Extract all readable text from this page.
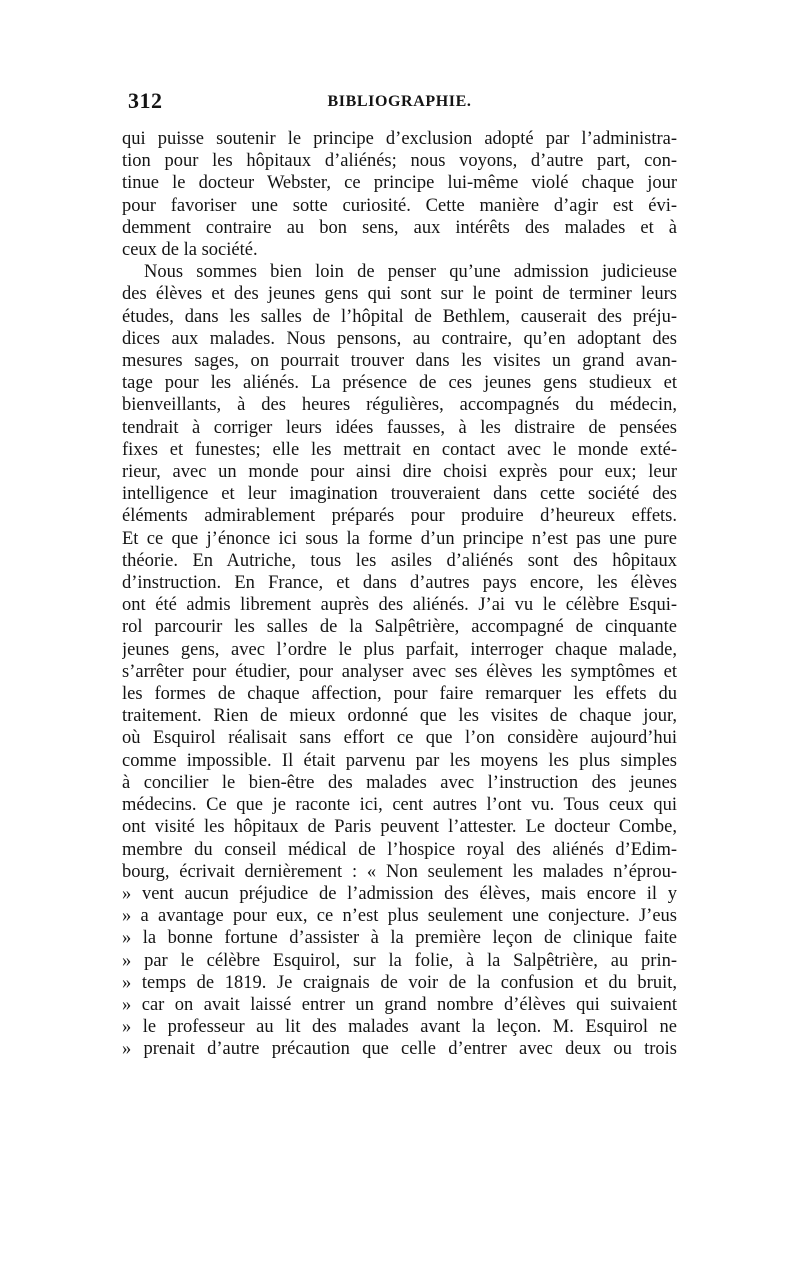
312	BIBLIOGRAPHIE.

qui puisse soutenir le principe d’exclusion adopté par l’administra-
tion pour les hôpitaux d’aliénés; nous voyons, d’autre part, con-
tinue le docteur Webster, ce principe lui-même violé chaque jour
pour favoriser une sotte curiosité. Cette manière d’agir est évi-
demment contraire au bon sens, aux intérêts des malades et à
ceux de la société.

Nous sommes bien loin de penser qu’une admission judicieuse
des élèves et des jeunes gens qui sont sur le point de terminer leurs
études, dans les salles de l’hôpital de Bethlem, causerait des préju-
dices aux malades. Nous pensons, au contraire, qu’en adoptant des
mesures sages, on pourrait trouver dans les visites un grand avan-
tage pour les aliénés. La présence de ces jeunes gens studieux et
bienveillants, à des heures régulières, accompagnés du médecin,
tendrait à corriger leurs idées fausses, à les distraire de pensées
fixes et funestes; elle les mettrait en contact avec le monde exté-
rieur, avec un monde pour ainsi dire choisi exprès pour eux; leur
intelligence et leur imagination trouveraient dans cette société des
éléments admirablement préparés pour produire d’heureux effets.
Et ce que j’énonce ici sous la forme d’un principe n’est pas une pure
théorie. En Autriche, tous les asiles d’aliénés sont des hôpitaux
d’instruction. En France, et dans d’autres pays encore, les élèves
ont été admis librement auprès des aliénés. J’ai vu le célèbre Esqui-
rol parcourir les salles de la Salpêtrière, accompagné de cinquante
jeunes gens, avec l’ordre le plus parfait, interroger chaque malade,
s’arrêter pour étudier, pour analyser avec ses élèves les symptômes et
les formes de chaque affection, pour faire remarquer les effets du
traitement. Rien de mieux ordonné que les visites de chaque jour,
où Esquirol réalisait sans effort ce que l’on considère aujourd’hui
comme impossible. Il était parvenu par les moyens les plus simples
à concilier le bien-être des malades avec l’instruction des jeunes
médecins. Ce que je raconte ici, cent autres l’ont vu. Tous ceux qui
ont visité les hôpitaux de Paris peuvent l’attester. Le docteur Combe,
membre du conseil médical de l’hospice royal des aliénés d’Edim-
bourg, écrivait dernièrement : « Non seulement les malades n’éprou-
» vent aucun préjudice de l’admission des élèves, mais encore il y
» a avantage pour eux, ce n’est plus seulement une conjecture. J’eus
» la bonne fortune d’assister à la première leçon de clinique faite
» par le célèbre Esquirol, sur la folie, à la Salpêtrière, au prin-
» temps de 1819. Je craignais de voir de la confusion et du bruit,
» car on avait laissé entrer un grand nombre d’élèves qui suivaient
» le professeur au lit des malades avant la leçon. M. Esquirol ne
» prenait d’autre précaution que celle d’entrer avec deux ou trois
